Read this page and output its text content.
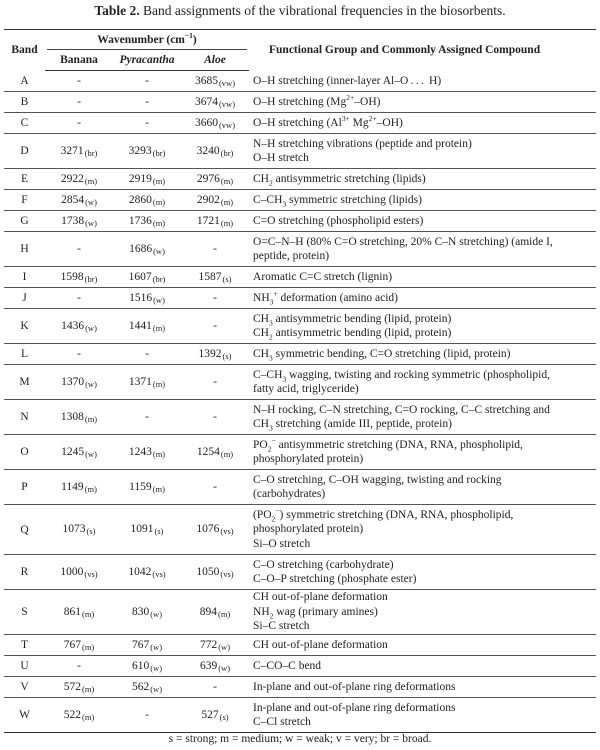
Table 2. Band assignments of the vibrational frequencies in the biosorbents.
Band	Wavenumber $(cm^{-1})$			Functional Group and Commonly Assigned Compound
	Banana	Pyracantha	Aloe	
A	-	-	3685(vw)	O–H stretching (inner-layer Al–O . . .  H)

B	-	-	3674(vw)	O–H stretching $(Mg^{2+}-OH)$

C	-	-	3660(vw)	O–H stretching ($Al^{3+}$ $Mg^{2+}-OH$)

D	3271(br)	3293(br)	3240(br)	N–H stretching vibrations (peptide and protein)
O–H stretch

E	2922(m)	2919(m)	2976(m)	$CH_2$ antisymmetric stretching (lipids)

F	2854(w)	2860(m)	2902(m)	$C-CH_3$ symmetric stretching (lipids)

G	1738(w)	1736(m)	1721(m)	C=O stretching (phospholipid esters)

H	-	1686(w)	-	O=C–N–H (80% C=O stretching, 20% C–N stretching) (amide I,
peptide, protein)

I	1598(br)	1607(br)	1587(s)	Aromatic C=C stretch (lignin)

J	-	1516(w)	-	$NH_3^+$ deformation (amino acid)

K	1436(w)	1441(m)	-	$CH_3$ antisymmetric bending (lipid, protein)
$CH_2$ antisymmetric bending (lipid, protein)

L	-	-	1392(s)	$CH_3$ symmetric bending, C=O stretching (lipid, protein)

M	1370(w)	1371(m)	-	$C-CH_3$ wagging, twisting and rocking symmetric (phospholipid,
fatty acid, triglyceride)

N	1308(m)	-	-	N–H rocking, C–N stretching, C=O rocking, C–C stretching and
$CH_3$ stretching (amide III, peptide, protein)

O	1245(w)	1243(m)	1254(m)	$PO_2^-$ antisymmetric stretching (DNA, RNA, phospholipid,
phosphorylated protein)

P	1149(m)	1159(m)	-	C–O stretching, C–OH wagging, twisting and rocking
(carbohydrates)

Q	1073(s)	1091(s)	1076(vs)	$(PO_2^-)$ symmetric stretching (DNA, RNA, phospholipid,
phosphorylated protein)
Si–O stretch

R	1000(vs)	1042(vs)	1050(vs)	C–O stretching (carbohydrate)
C–O–P stretching (phosphate ester)

S	861(m)	830(w)	894(m)	CH out-of-plane deformation
$NH_2$ wag (primary amines)
Si–C stretch

T	767(m)	767(w)	772(w)	CH out-of-plane deformation

U	-	610(w)	639(w)	C–CO–C bend

V	572(m)	562(w)	-	In-plane and out-of-plane ring deformations

W	522(m)	-	527(s)	In-plane and out-of-plane ring deformations
C–Cl stretch
s = strong; m = medium; w = weak; v = very; br = broad.
